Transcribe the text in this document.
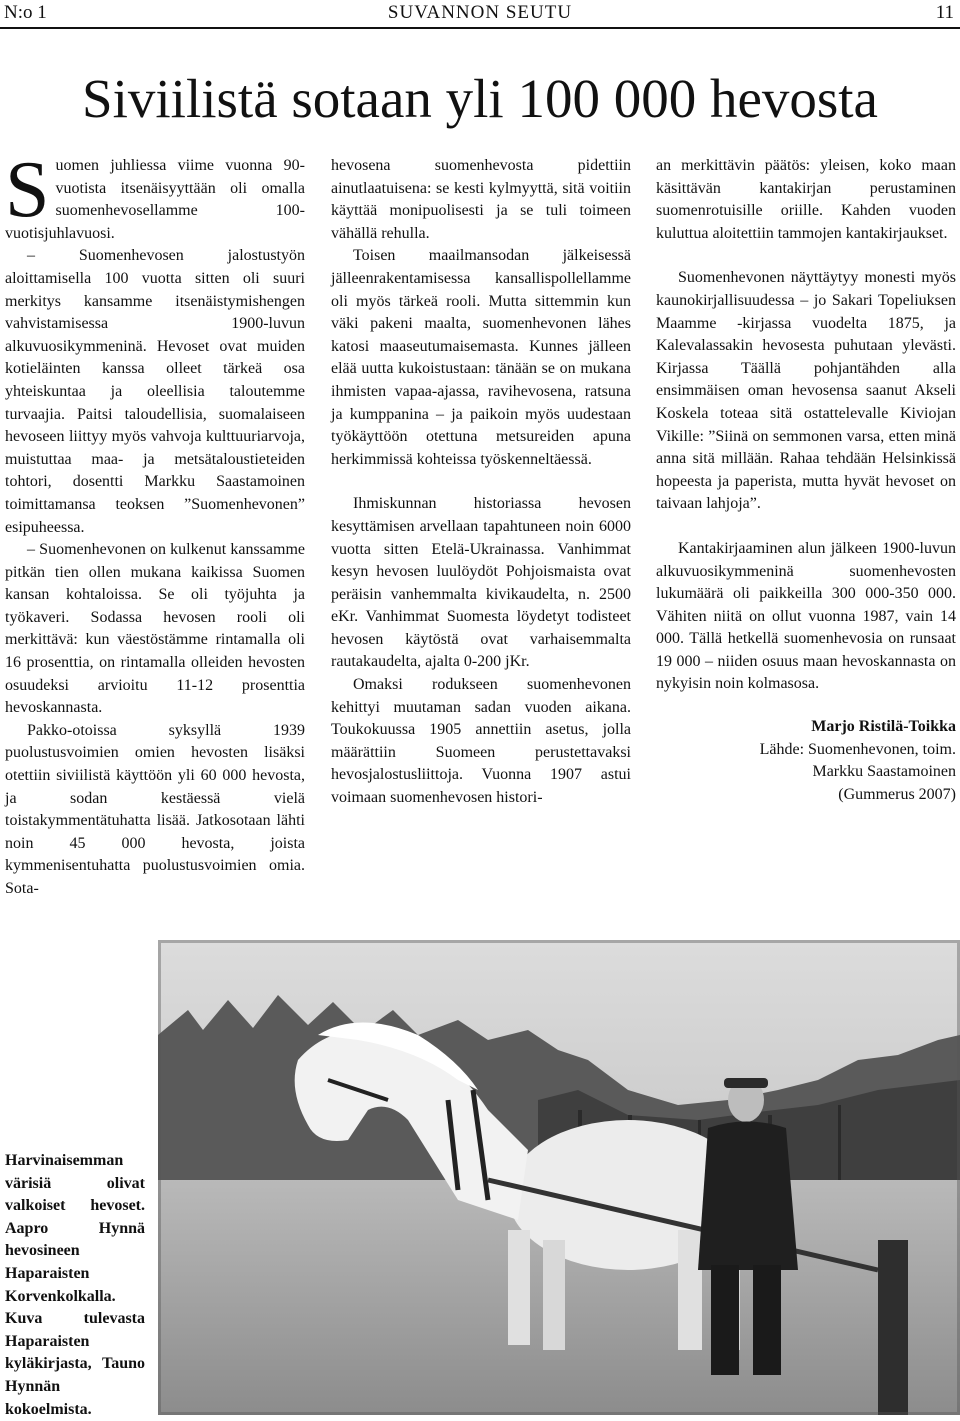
N:o 1	SUVANNON SEUTU	11
Siviilistä sotaan yli 100 000 hevosta

Suomen juhliessa viime vuonna 90-vuotista itsenäisyyttään oli omalla suomenhevosellamme 100-vuotisjuhlavuosi.

– Suomenhevosen jalostustyön aloittamisella 100 vuotta sitten oli suuri merkitys kansamme itsenäistymishengen vahvistamisessa 1900-luvun alkuvuosikymmeninä. Hevoset ovat muiden kotieläinten kanssa olleet tärkeä osa yhteiskuntaa ja oleellisia taloutemme turvaajia. Paitsi taloudellisia, suomalaiseen hevoseen liittyy myös vahvoja kulttuuriarvoja, muistuttaa maa- ja metsätaloustieteiden tohtori, dosentti Markku Saastamoinen toimittamansa teoksen ”Suomenhevonen” esipuheessa.

– Suomenhevonen on kulkenut kanssamme pitkän tien ollen mukana kaikissa Suomen kansan kohtaloissa. Se oli työjuhta ja työkaveri. Sodassa hevosen rooli oli merkittävä: kun väestöstämme rintamalla oli 16 prosenttia, on rintamalla olleiden hevosten osuudeksi arvioitu 11-12 prosenttia hevoskannasta.

Pakko-otoissa syksyllä 1939 puolustusvoimien omien hevosten lisäksi otettiin siviilistä käyttöön yli 60 000 hevosta, ja sodan kestäessä vielä toistakymmentätuhatta lisää. Jatkosotaan lähti noin 45 000 hevosta, joista kymmenisentuhatta puolustusvoimien omia. Sota-

hevosena suomenhevosta pidettiin ainutlaatuisena: se kesti kylmyyttä, sitä voitiin käyttää monipuolisesti ja se tuli toimeen vähällä rehulla.

Toisen maailmansodan jälkeisessä jälleenrakentamisessa kansallispollellamme oli myös tärkeä rooli. Mutta sittemmin kun väki pakeni maalta, suomenhevonen lähes katosi maaseutumaisemasta. Kunnes jälleen elää uutta kukoistustaan: tänään se on mukana ihmisten vapaa-ajassa, ravihevosena, ratsuna ja kumppanina – ja paikoin myös uudestaan työkäyttöön otettuna metsureiden apuna herkimmissä kohteissa työskenneltäessä.

Ihmiskunnan historiassa hevosen kesyttämisen arvellaan tapahtuneen noin 6000 vuotta sitten Etelä-Ukrainassa. Vanhimmat kesyn hevosen luulöydöt Pohjoismaista ovat peräisin vanhemmalta kivikaudelta, n. 2500 eKr. Vanhimmat Suomesta löydetyt todisteet hevosen käytöstä ovat varhaisemmalta rautakaudelta, ajalta 0-200 jKr.

Omaksi rodukseen suomenhevonen kehittyi muutaman sadan vuoden aikana. Toukokuussa 1905 annettiin asetus, jolla määrättiin Suomeen perustettavaksi hevosjalostusliittoja. Vuonna 1907 astui voimaan suomenhevosen histori-

an merkittävin päätös: yleisen, koko maan käsittävän kantakirjan perustaminen suomenrotuisille oriille. Kahden vuoden kuluttua aloitettiin tammojen kantakirjaukset.

Suomenhevonen näyttäytyy monesti myös kaunokirjallisuudessa – jo Sakari Topeliuksen Maamme -kirjassa vuodelta 1875, ja Kalevalassakin hevosesta puhutaan ylevästi. Kirjassa Täällä pohjantähden alla ensimmäisen oman hevosensa saanut Akseli Koskela toteaa sitä ostattelevalle Kiviojan Vikille: ”Siinä on semmonen varsa, etten minä anna sitä millään. Rahaa tehdään Helsinkissä hopeesta ja paperista, mutta hyvät hevoset on taivaan lahjoja”.

Kantakirjaaminen alun jälkeen 1900-luvun alkuvuosikymmeninä suomenhevosten lukumäärä oli paikkeilla 300 000-350 000. Vähiten niitä on ollut vuonna 1987, vain 14 000. Tällä hetkellä suomenhevosia on runsaat 19 000 – niiden osuus maan hevoskannasta on nykyisin noin kolmasosa.

Marjo Ristilä-Toikka
Lähde: Suomenhevonen, toim.
Markku Saastamoinen
(Gummerus 2007)
Harvinaisemman värisiä olivat valkoiset hevoset. Aapro Hynnä hevosineen Haparaisten Korvenkolkalla. Kuva tulevasta Haparaisten kyläkirjasta, Tauno Hynnän kokoelmista.
